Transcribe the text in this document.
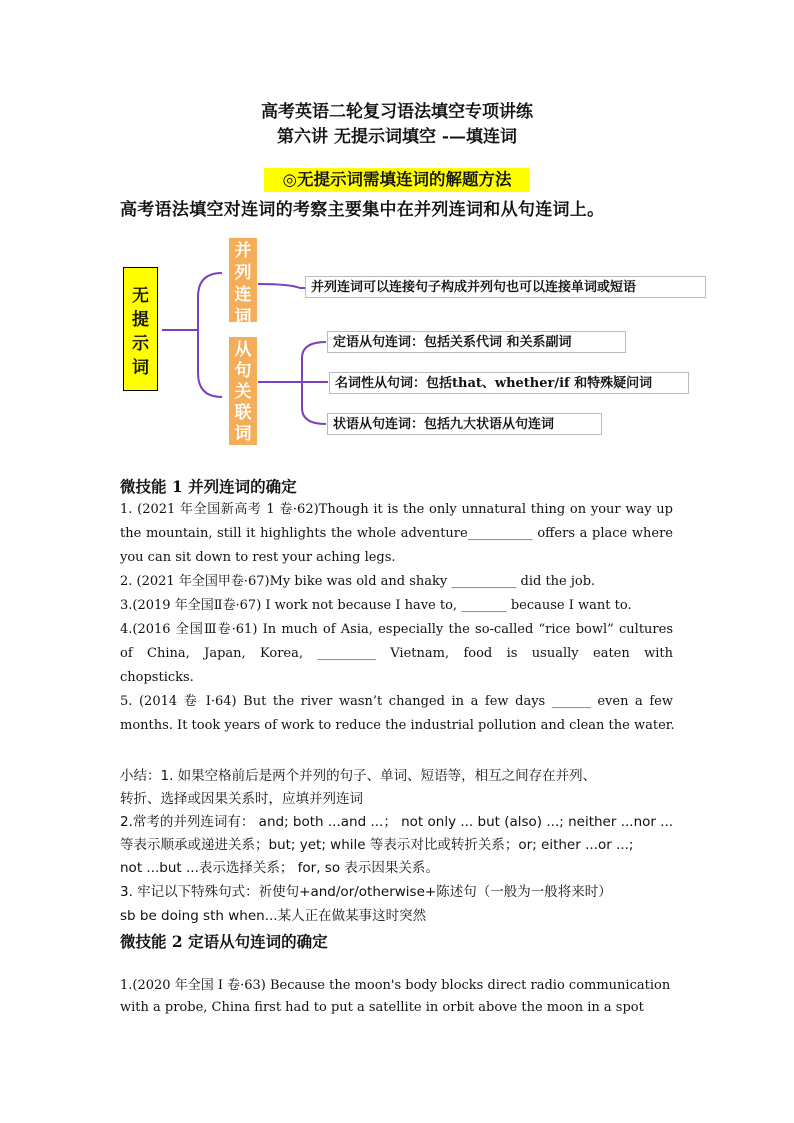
高考英语二轮复习语法填空专项讲练
第六讲 无提示词填空 -—填连词
◎无提示词需填连词的解题方法
高考语法填空对连词的考察主要集中在并列连词和从句连词上。
无提示词
并列连词
从句关联词
并列连词可以连接句子构成并列句也可以连接单词或短语
定语从句连词：包括关系代词 和关系副词
名词性从句词：包括that、whether/if 和特殊疑问词
状语从句连词：包括九大状语从句连词
微技能 1 并列连词的确定
1. (2021 年全国新高考 1 卷·62)Though it is the only unnatural thing on your way up
the mountain, still it highlights the whole adventure__________ offers a place where
you can sit down to rest your aching legs.
2. (2021 年全国甲卷·67)My bike was old and shaky __________ did the job.
3.(2019 年全国Ⅱ卷·67) I work not because I have to, _______ because I want to.
4.(2016 全国Ⅲ卷·61) In much of Asia, especially the so-called “rice bowl” cultures
of China, Japan, Korea, _________ Vietnam, food is usually eaten with
chopsticks.
5. (2014 卷 I·64) But the river wasn’t changed in a few days ______ even a few
months. It took years of work to reduce the industrial pollution and clean the water.
小结：1. 如果空格前后是两个并列的句子、单词、短语等，相互之间存在并列、
转折、选择或因果关系时，应填并列连词
2.常考的并列连词有： and; both ...and ...； not only ... but (also) ...; neither ...nor ...
等表示顺承或递进关系；but; yet; while 等表示对比或转折关系；or; either ...or ...;
not ...but ...表示选择关系； for, so 表示因果关系。
3. 牢记以下特殊句式：祈使句+and/or/otherwise+陈述句（一般为一般将来时）
sb be doing sth when...某人正在做某事这时突然
微技能 2 定语从句连词的确定
1.(2020 年全国 I 卷·63) Because the moon's body blocks direct radio communication
with a probe, China first had to put a satellite in orbit above the moon in a spot
